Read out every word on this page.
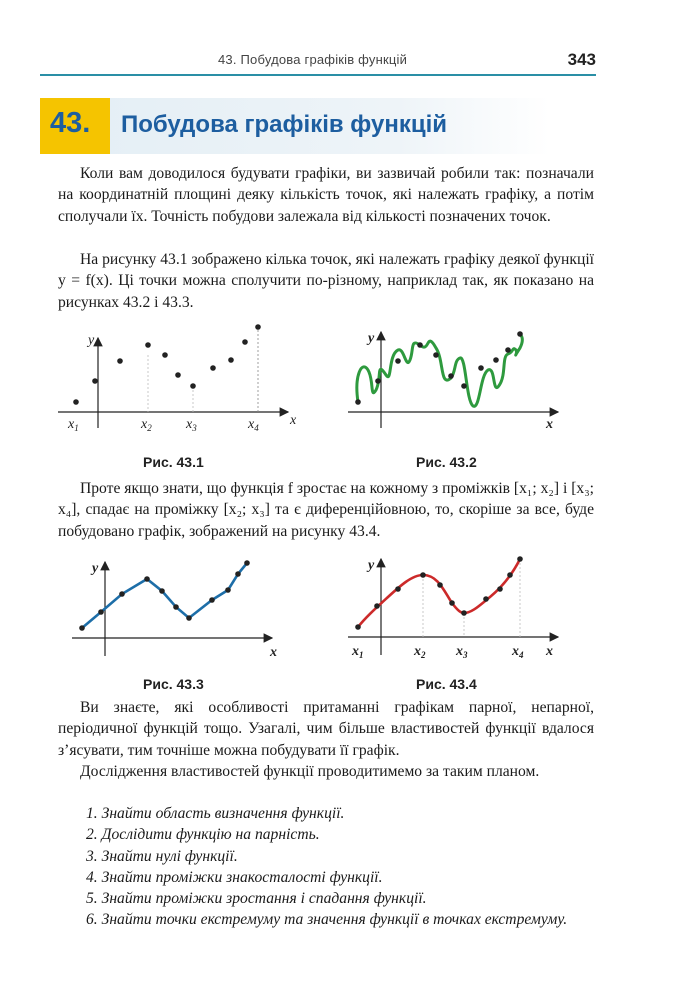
43. Побудова графіків функцій	343
43. Побудова графіків функцій
Коли вам доводилося будувати графіки, ви зазвичай робили так: позначали на координатній площині деяку кількість точок, які належать графіку, а потім сполучали їх. Точність побудови залежала від кількості позначених точок.
На рисунку 43.1 зображено кілька точок, які належать графіку деякої функції y = f(x). Ці точки можна сполучити по-різному, наприклад так, як показано на рисунках 43.2 і 43.3.
y
x
$x_1$	$x_2$ $x_3$	$x_4$
Рис. 43.1
y
x
Рис. 43.2
Проте якщо знати, що функція f зростає на кожному з проміжків [x₁; x₂] і [x₃; x₄], спадає на проміжку [x₂; x₃] та є диференційовною, то, скоріше за все, буде побудовано графік, зображений на рисунку 43.4.
y
x
Рис. 43.3
y
x
$x_1$	$x_2$ $x_3$	$x_4$
Рис. 43.4
Ви знаєте, які особливості притаманні графікам парної, непарної, періодичної функцій тощо. Узагалі, чим більше властивостей функції вдалося з’ясувати, тим точніше можна побудувати її графік.
Дослідження властивостей функції проводитимемо за таким планом.
1. Знайти область визначення функції.
2. Дослідити функцію на парність.
3. Знайти нулі функції.
4. Знайти проміжки знакосталості функції.
5. Знайти проміжки зростання і спадання функції.
6. Знайти точки екстремуму та значення функції в точках екстремуму.
